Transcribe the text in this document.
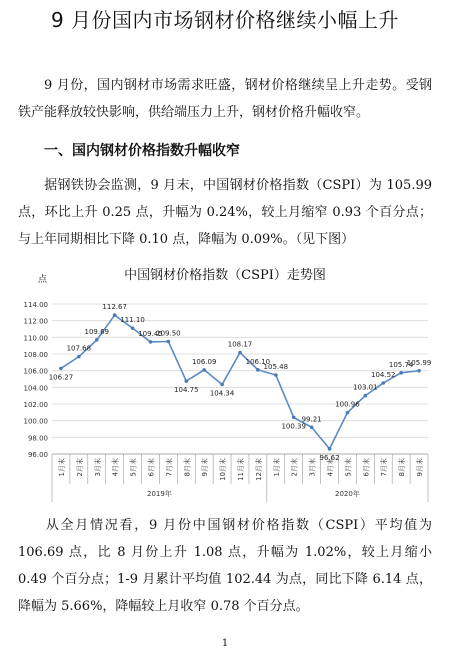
9 月份国内市场钢材价格继续小幅上升

9 月份，国内钢材市场需求旺盛，钢材价格继续呈上升走势。受钢铁产能释放较快影响，供给端压力上升，钢材价格升幅收窄。

一、国内钢材价格指数升幅收窄

据钢铁协会监测，9 月末，中国钢材价格指数（CSPI）为 105.99 点，环比上升 0.25 点，升幅为 0.24%，较上月缩窄 0.93 个百分点；与上年同期相比下降 0.10 点，降幅为 0.09%。（见下图）

点	中国钢材价格指数（CSPI）走势图
96.00
98.00
100.00
102.00
104.00
106.00
108.00
110.00
112.00
114.00
1月末 2月末 3月末 4月末 5月末 6月末 7月末 8月末 9月末 10月末 11月末 12月末 1月末 2月末 3月末 4月末 5月末 6月末 7月末 8月末 9月末
2019年	2020年
106.27
107.68
109.69
112.67
111.10
109.45
109.50
104.75
106.09
104.34
108.17
106.10
105.48
100.39
99.21
96.62
100.96
103.01
104.52
105.74
105.99

从全月情况看，9 月份中国钢材价格指数（CSPI）平均值为 106.69 点，比 8 月份上升 1.08 点，升幅为 1.02%，较上月缩小 0.49 个百分点；1-9 月累计平均值 102.44 为点，同比下降 6.14 点，降幅为 5.66%，降幅较上月收窄 0.78 个百分点。

1
